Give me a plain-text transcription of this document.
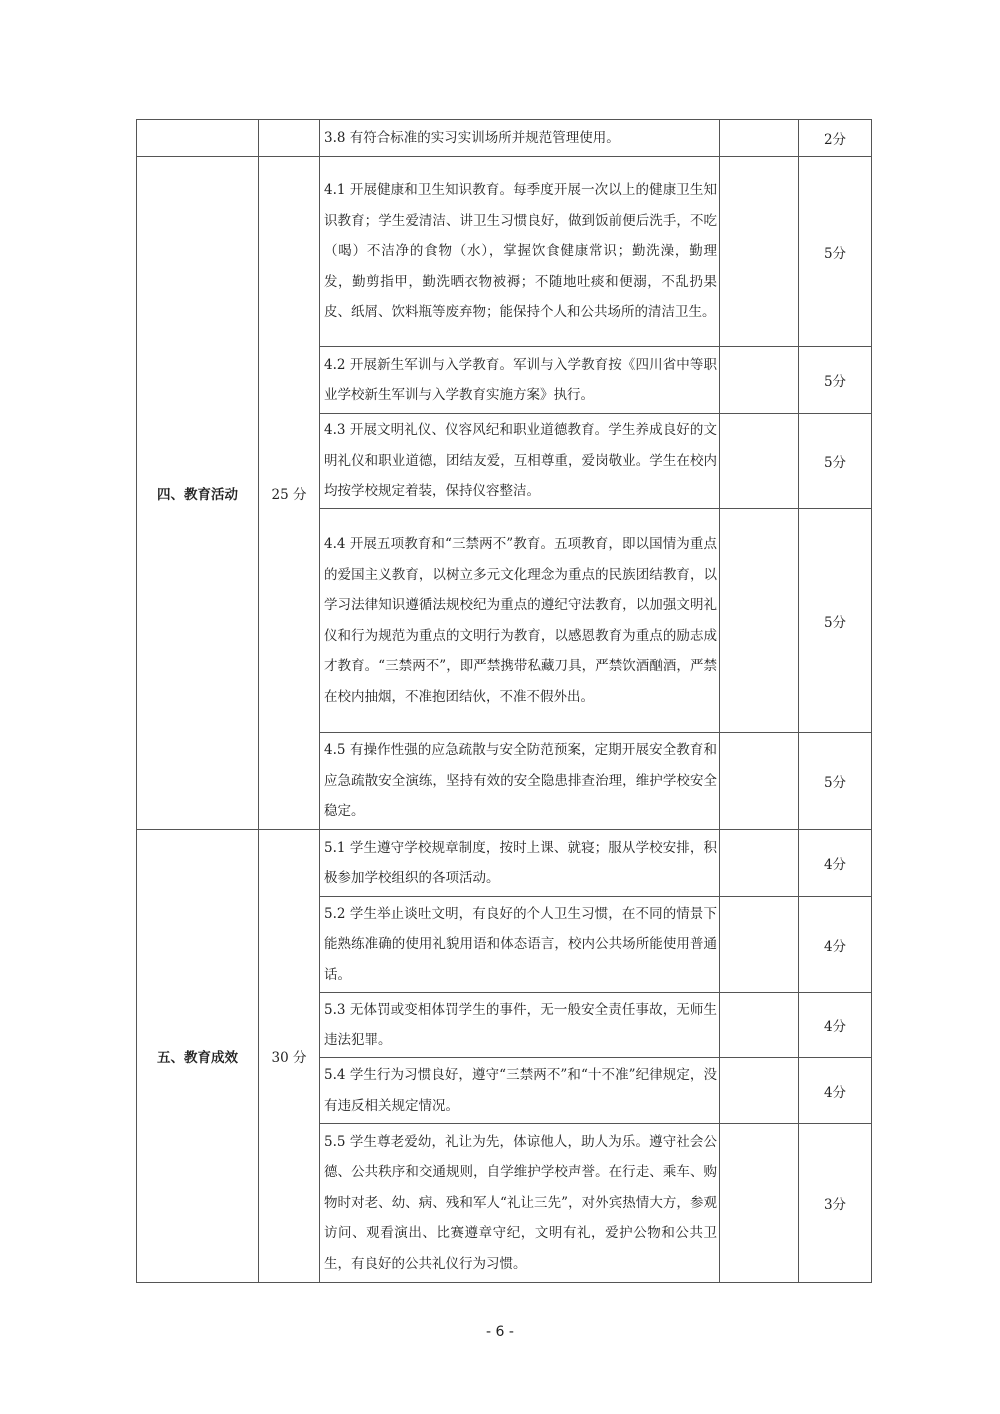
		3.8 有符合标准的实习实训场所并规范管理使用。		2分
四、教育活动	25 分	4.1 开展健康和卫生知识教育。每季度开展一次以上的健康卫生知识教育；学生爱清洁、讲卫生习惯良好，做到饭前便后洗手，不吃（喝）不洁净的食物（水），掌握饮食健康常识；勤洗澡，勤理发，勤剪指甲，勤洗晒衣物被褥；不随地吐痰和便溺，不乱扔果皮、纸屑、饮料瓶等废弃物；能保持个人和公共场所的清洁卫生。		5分
		4.2 开展新生军训与入学教育。军训与入学教育按《四川省中等职业学校新生军训与入学教育实施方案》执行。		5分
		4.3 开展文明礼仪、仪容风纪和职业道德教育。学生养成良好的文明礼仪和职业道德，团结友爱，互相尊重，爱岗敬业。学生在校内均按学校规定着装，保持仪容整洁。		5分
		4.4 开展五项教育和“三禁两不”教育。五项教育，即以国情为重点的爱国主义教育，以树立多元文化理念为重点的民族团结教育，以学习法律知识遵循法规校纪为重点的遵纪守法教育，以加强文明礼仪和行为规范为重点的文明行为教育，以感恩教育为重点的励志成才教育。“三禁两不”，即严禁携带私藏刀具，严禁饮酒酗酒，严禁在校内抽烟，不准抱团结伙，不准不假外出。		5分
		4.5 有操作性强的应急疏散与安全防范预案，定期开展安全教育和应急疏散安全演练，坚持有效的安全隐患排查治理，维护学校安全稳定。		5分
五、教育成效	30 分	5.1 学生遵守学校规章制度，按时上课、就寝；服从学校安排，积极参加学校组织的各项活动。		4分
		5.2 学生举止谈吐文明，有良好的个人卫生习惯，在不同的情景下能熟练准确的使用礼貌用语和体态语言，校内公共场所能使用普通话。		4分
		5.3 无体罚或变相体罚学生的事件，无一般安全责任事故，无师生违法犯罪。		4分
		5.4 学生行为习惯良好，遵守“三禁两不”和“十不准”纪律规定，没有违反相关规定情况。		4分
		5.5 学生尊老爱幼，礼让为先，体谅他人，助人为乐。遵守社会公德、公共秩序和交通规则，自学维护学校声誉。在行走、乘车、购物时对老、幼、病、残和军人“礼让三先”，对外宾热情大方，参观访问、观看演出、比赛遵章守纪，文明有礼，爱护公物和公共卫生，有良好的公共礼仪行为习惯。		3分
- 6 -
